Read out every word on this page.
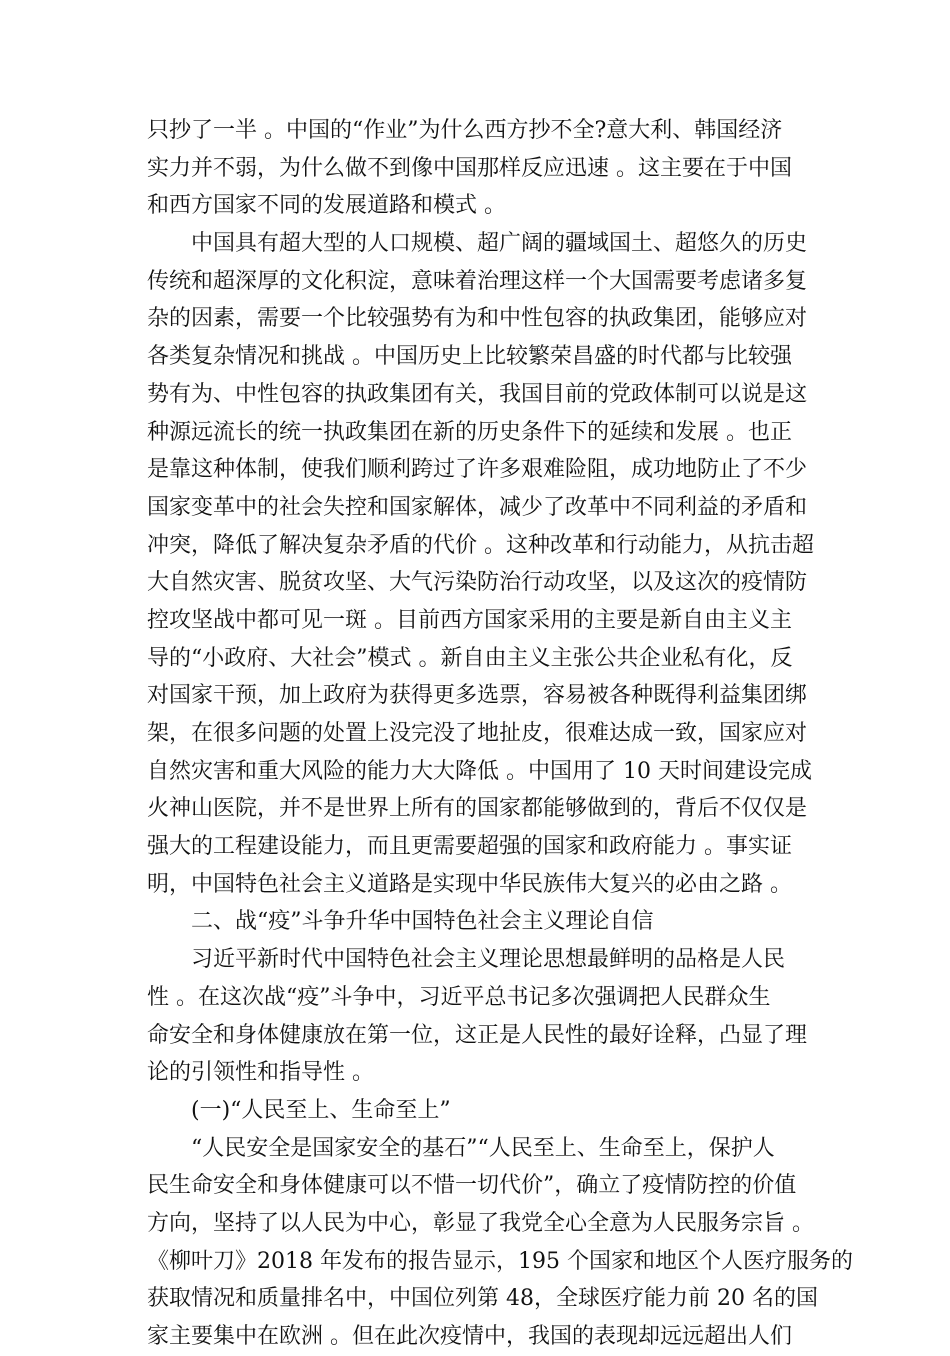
只抄了一半 。中国的“作业”为什么西方抄不全?意大利、韩国经济
实力并不弱，为什么做不到像中国那样反应迅速 。这主要在于中国
和西方国家不同的发展道路和模式 。
　　中国具有超大型的人口规模、超广阔的疆域国土、超悠久的历史
传统和超深厚的文化积淀，意味着治理这样一个大国需要考虑诸多复
杂的因素，需要一个比较强势有为和中性包容的执政集团，能够应对
各类复杂情况和挑战 。中国历史上比较繁荣昌盛的时代都与比较强
势有为、中性包容的执政集团有关，我国目前的党政体制可以说是这
种源远流长的统一执政集团在新的历史条件下的延续和发展 。也正
是靠这种体制，使我们顺利跨过了许多艰难险阻，成功地防止了不少
国家变革中的社会失控和国家解体，减少了改革中不同利益的矛盾和
冲突，降低了解决复杂矛盾的代价 。这种改革和行动能力，从抗击超
大自然灾害、脱贫攻坚、大气污染防治行动攻坚，以及这次的疫情防
控攻坚战中都可见一斑 。目前西方国家采用的主要是新自由主义主
导的“小政府、大社会”模式 。新自由主义主张公共企业私有化，反
对国家干预，加上政府为获得更多选票，容易被各种既得利益集团绑
架，在很多问题的处置上没完没了地扯皮，很难达成一致，国家应对
自然灾害和重大风险的能力大大降低 。中国用了 10 天时间建设完成
火神山医院，并不是世界上所有的国家都能够做到的，背后不仅仅是
强大的工程建设能力，而且更需要超强的国家和政府能力 。事实证
明，中国特色社会主义道路是实现中华民族伟大复兴的必由之路 。
　　二、战“疫”斗争升华中国特色社会主义理论自信
　　习近平新时代中国特色社会主义理论思想最鲜明的品格是人民
性 。在这次战“疫”斗争中，习近平总书记多次强调把人民群众生
命安全和身体健康放在第一位，这正是人民性的最好诠释，凸显了理
论的引领性和指导性 。
　　(一)“人民至上、生命至上”
　　“人民安全是国家安全的基石”“人民至上、生命至上，保护人
民生命安全和身体健康可以不惜一切代价”，确立了疫情防控的价值
方向，坚持了以人民为中心，彰显了我党全心全意为人民服务宗旨 。
《柳叶刀》2018 年发布的报告显示，195 个国家和地区个人医疗服务的
获取情况和质量排名中，中国位列第 48，全球医疗能力前 20 名的国
家主要集中在欧洲 。但在此次疫情中，我国的表现却远远超出人们
